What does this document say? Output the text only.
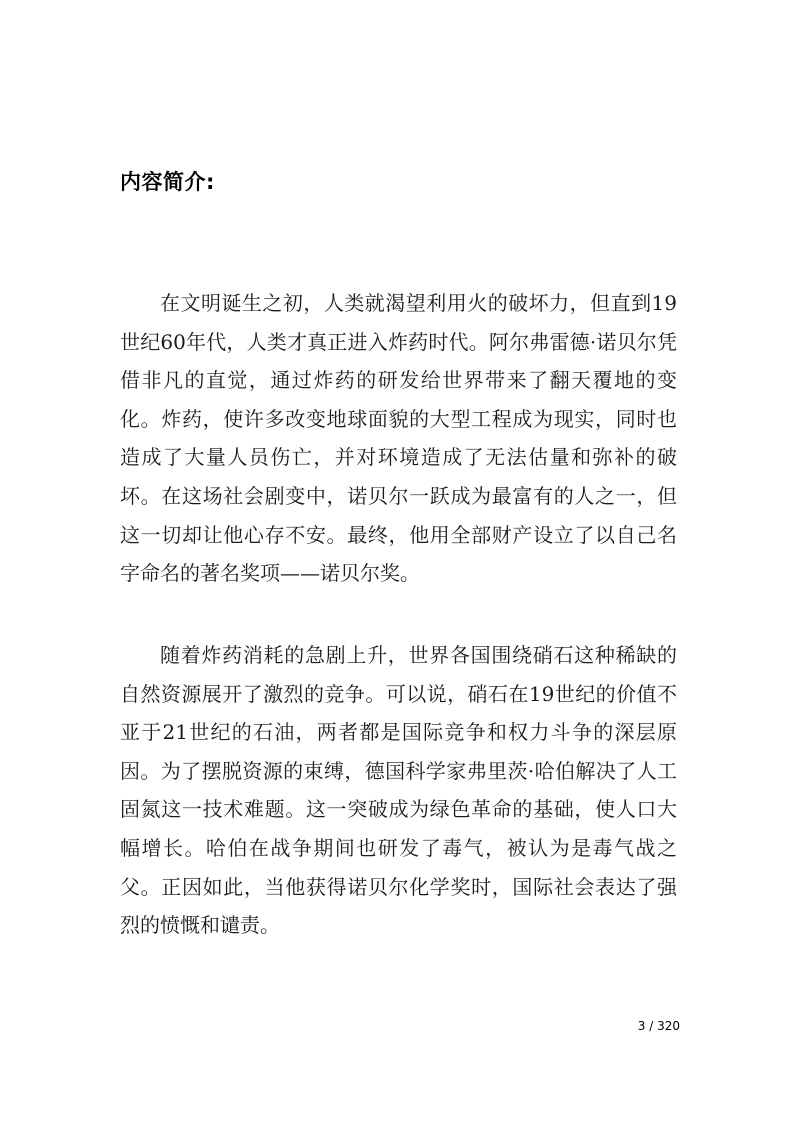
内容简介:

在文明诞生之初，人类就渴望利用火的破坏力，但直到19世纪60年代，人类才真正进入炸药时代。阿尔弗雷德·诺贝尔凭借非凡的直觉，通过炸药的研发给世界带来了翻天覆地的变化。炸药，使许多改变地球面貌的大型工程成为现实，同时也造成了大量人员伤亡，并对环境造成了无法估量和弥补的破坏。在这场社会剧变中，诺贝尔一跃成为最富有的人之一，但这一切却让他心存不安。最终，他用全部财产设立了以自己名字命名的著名奖项——诺贝尔奖。

随着炸药消耗的急剧上升，世界各国围绕硝石这种稀缺的自然资源展开了激烈的竞争。可以说，硝石在19世纪的价值不亚于21世纪的石油，两者都是国际竞争和权力斗争的深层原因。为了摆脱资源的束缚，德国科学家弗里茨·哈伯解决了人工固氮这一技术难题。这一突破成为绿色革命的基础，使人口大幅增长。哈伯在战争期间也研发了毒气，被认为是毒气战之父。正因如此，当他获得诺贝尔化学奖时，国际社会表达了强烈的愤慨和谴责。

3 / 320
